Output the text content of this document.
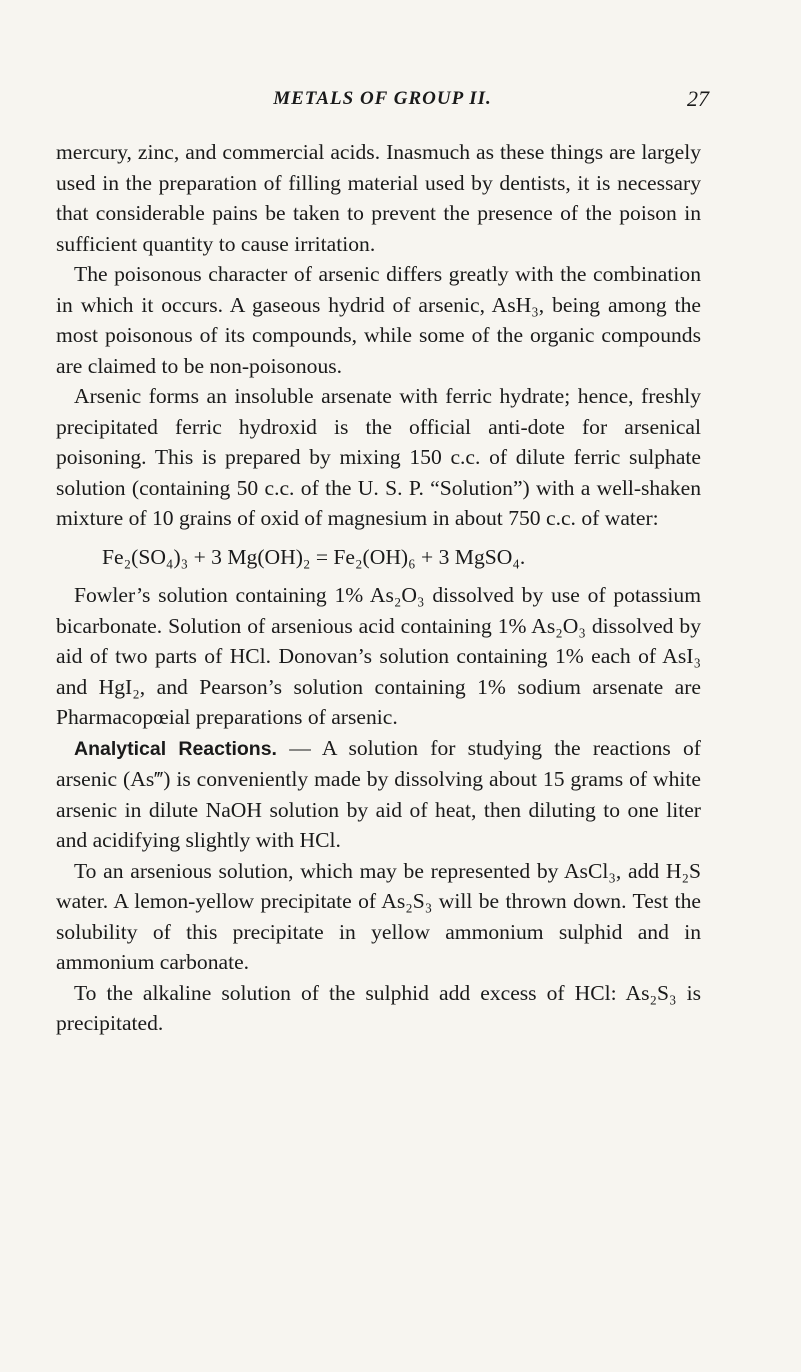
METALS OF GROUP II.	27

mercury, zinc, and commercial acids. Inasmuch as these things are largely used in the preparation of filling material used by dentists, it is necessary that considerable pains be taken to prevent the presence of the poison in sufficient quantity to cause irritation.

The poisonous character of arsenic differs greatly with the combination in which it occurs. A gaseous hydrid of arsenic, AsH₃, being among the most poisonous of its compounds, while some of the organic compounds are claimed to be non-poisonous.

Arsenic forms an insoluble arsenate with ferric hydrate; hence, freshly precipitated ferric hydroxid is the official anti-dote for arsenical poisoning. This is prepared by mixing 150 c.c. of dilute ferric sulphate solution (containing 50 c.c. of the U. S. P. “Solution”) with a well-shaken mixture of 10 grains of oxid of magnesium in about 750 c.c. of water:

Fe₂(SO₄)₃ + 3 Mg(OH)₂ = Fe₂(OH)₆ + 3 MgSO₄.

Fowler’s solution containing 1% As₂O₃ dissolved by use of potassium bicarbonate. Solution of arsenious acid containing 1% As₂O₃ dissolved by aid of two parts of HCl. Donovan’s solution containing 1% each of AsI₃ and HgI₂, and Pearson’s solution containing 1% sodium arsenate are Pharmacopœial preparations of arsenic.

Analytical Reactions. — A solution for studying the reactions of arsenic (As‴) is conveniently made by dissolving about 15 grams of white arsenic in dilute NaOH solution by aid of heat, then diluting to one liter and acidifying slightly with HCl.

To an arsenious solution, which may be represented by AsCl₃, add H₂S water. A lemon-yellow precipitate of As₂S₃ will be thrown down. Test the solubility of this precipitate in yellow ammonium sulphid and in ammonium carbonate.

To the alkaline solution of the sulphid add excess of HCl: As₂S₃ is precipitated.
